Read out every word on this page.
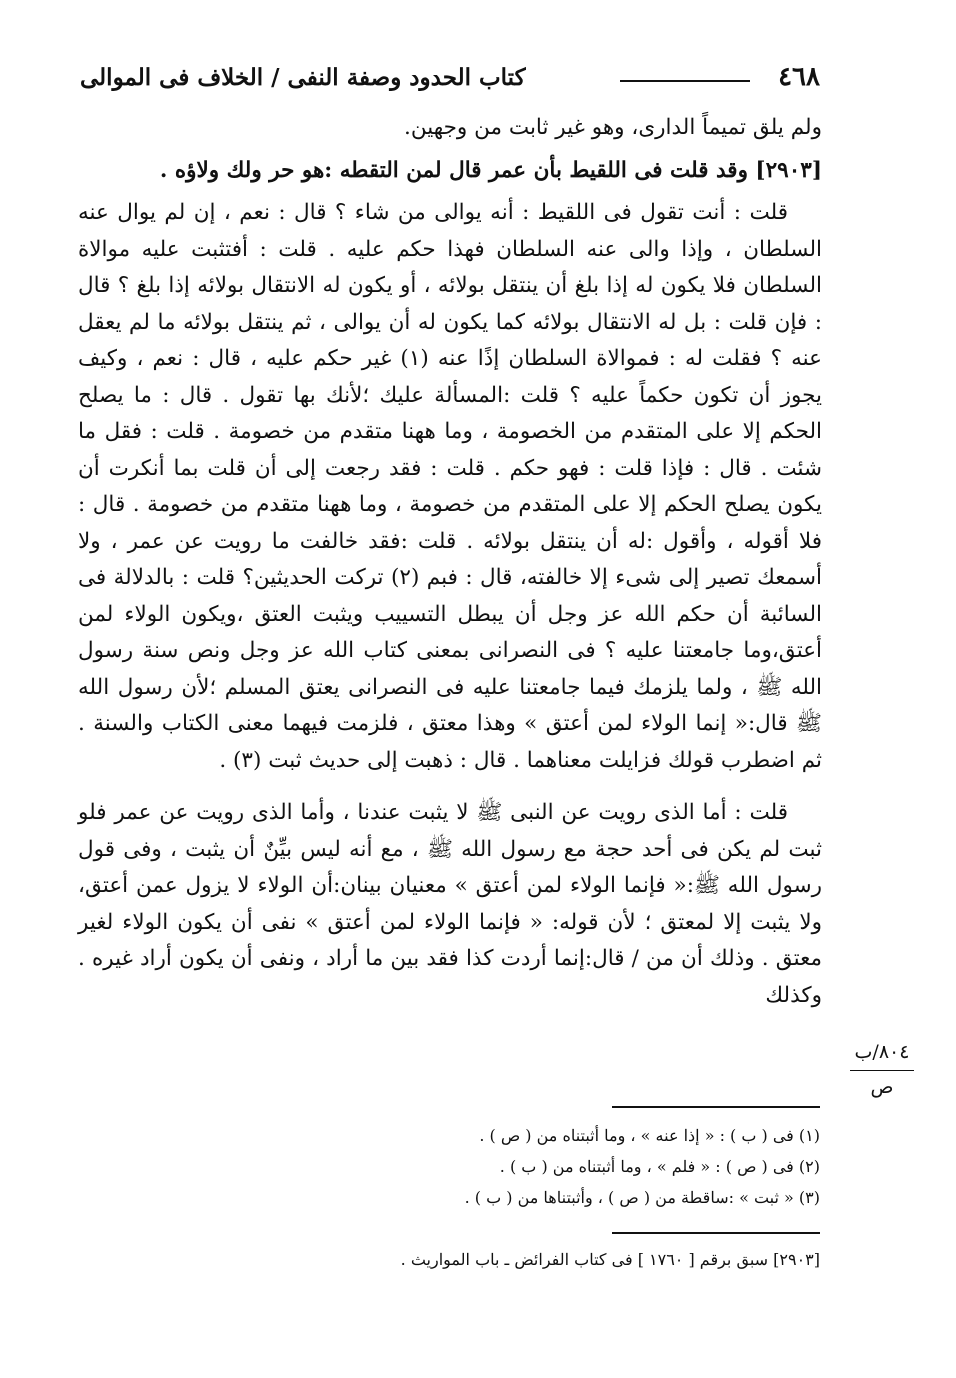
٤٦٨
كتاب الحدود وصفة النفى / الخلاف فى الموالى

ولم يلق تميماً الدارى، وهو غير ثابت من وجهين.

[٢٩٠٣] وقد قلت فى اللقيط بأن عمر قال لمن التقطه :هو حر ولك ولاؤه .

قلت : أنت تقول فى اللقيط : أنه يوالى من شاء ؟ قال : نعم ، إن لم يوال عنه السلطان ، وإذا والى عنه السلطان فهذا حكم عليه . قلت : أفتثبت عليه موالاة السلطان فلا يكون له إذا بلغ أن ينتقل بولائه ، أو يكون له الانتقال بولائه إذا بلغ ؟ قال : فإن قلت : بل له الانتقال بولائه كما يكون له أن يوالى ، ثم ينتقل بولائه ما لم يعقل عنه ؟ فقلت له : فموالاة السلطان إذًا عنه (١) غير حكم عليه ، قال : نعم ، وكيف يجوز أن تكون حكماً عليه ؟ قلت :المسألة عليك ؛لأنك بها تقول . قال : ما يصلح الحكم إلا على المتقدم من الخصومة ، وما ههنا متقدم من خصومة . قلت : فقل ما شئت . قال : فإذا قلت : فهو حكم . قلت : فقد رجعت إلى أن قلت بما أنكرت أن يكون يصلح الحكم إلا على المتقدم من خصومة ، وما ههنا متقدم من خصومة . قال : فلا أقوله ، وأقول :له أن ينتقل بولائه . قلت :فقد خالفت ما رويت عن عمر ، ولا أسمعك تصير إلى شىء إلا خالفته، قال : فبم (٢) تركت الحديثين؟ قلت : بالدلالة فى السائبة أن حكم الله عز وجل أن يبطل التسييب ويثبت العتق ،ويكون الولاء لمن أعتق،وما جامعتنا عليه ؟ فى النصرانى بمعنى كتاب الله عز وجل ونص سنة رسول الله ﷺ ، ولما يلزمك فيما جامعتنا عليه فى النصرانى يعتق المسلم ؛لأن رسول الله ﷺ قال:« إنما الولاء لمن أعتق » وهذا معتق ، فلزمت فيهما معنى الكتاب والسنة . ثم اضطرب قولك فزايلت معناهما . قال : ذهبت إلى حديث ثبت (٣) .

قلت : أما الذى رويت عن النبى ﷺ لا يثبت عندنا ، وأما الذى رويت عن عمر فلو ثبت لم يكن فى أحد حجة مع رسول الله ﷺ ، مع أنه ليس بيِّنٌ أن يثبت ، وفى قول رسول الله ﷺ:« فإنما الولاء لمن أعتق » معنيان بينان:أن الولاء لا يزول عمن أعتق، ولا يثبت إلا لمعتق ؛ لأن قوله: « فإنما الولاء لمن أعتق » نفى أن يكون الولاء لغير معتق . وذلك أن من / قال:إنما أردت كذا فقد بين ما أراد ، ونفى أن يكون أراد غيره . وكذلك

٨٠٤/ب
ص

(١) فى ( ب ) : « إذا عنه » ، وما أثبتناه من ( ص ) .

(٢) فى ( ص ) : « فلم » ، وما أثبتناه من ( ب ) .

(٣) « ثبت » :ساقطة من ( ص ) ، وأثبتناها من ( ب ) .

[٢٩٠٣] سبق برقم [ ١٧٦٠ ] فى كتاب الفرائض ـ باب المواريث .
